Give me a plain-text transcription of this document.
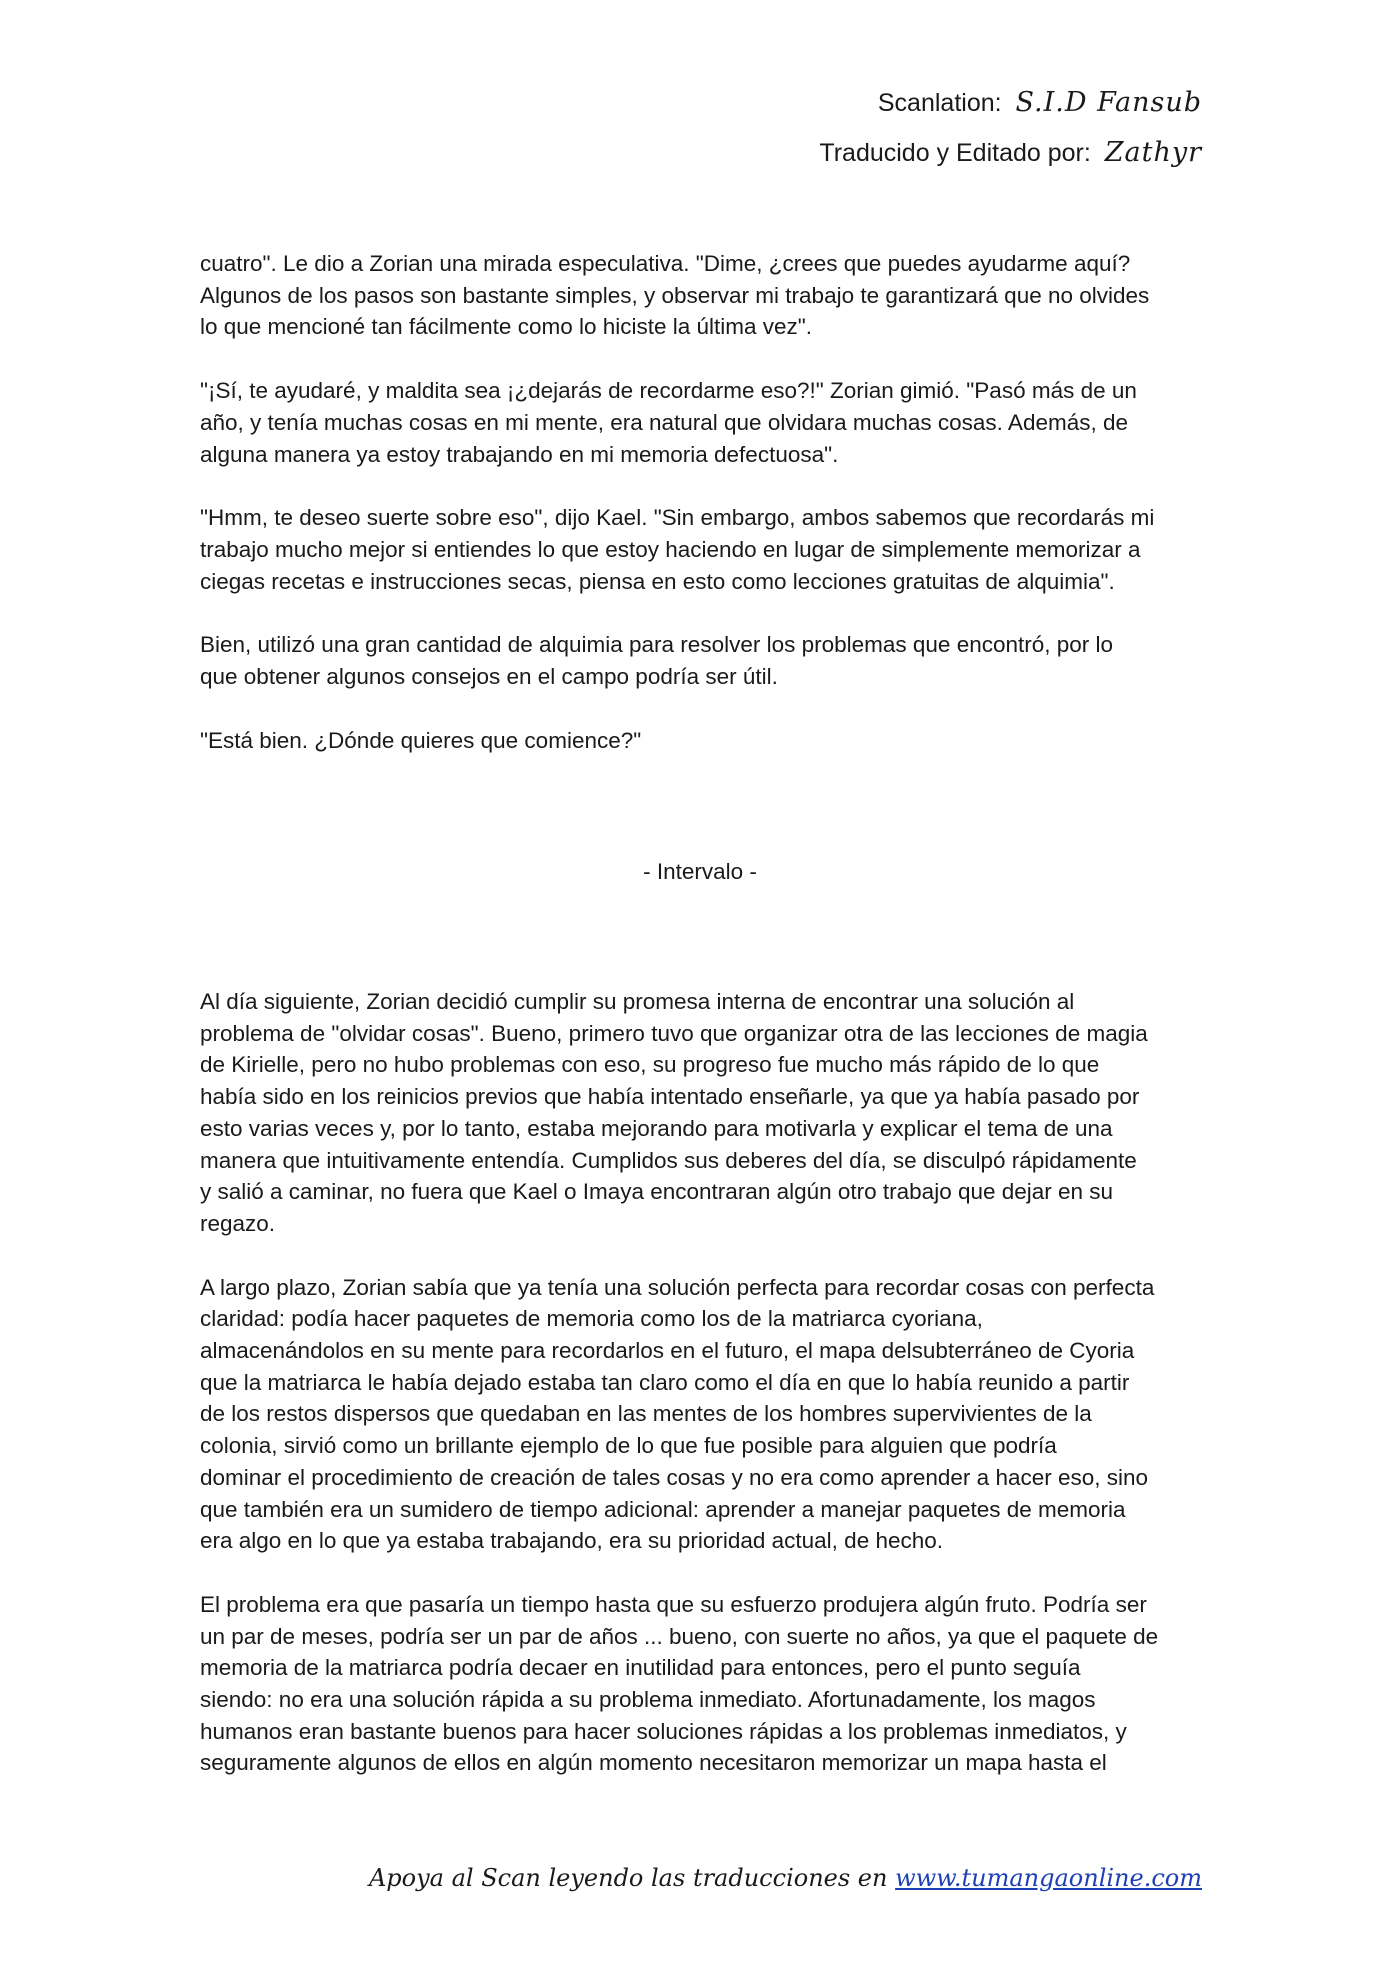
Scanlation: S.I.D Fansub
Traducido y Editado por: Zathyr

cuatro". Le dio a Zorian una mirada especulativa. "Dime, ¿crees que puedes ayudarme aquí?
Algunos de los pasos son bastante simples, y observar mi trabajo te garantizará que no olvides
lo que mencioné tan fácilmente como lo hiciste la última vez".

"¡Sí, te ayudaré, y maldita sea ¡¿dejarás de recordarme eso?!" Zorian gimió. "Pasó más de un
año, y tenía muchas cosas en mi mente, era natural que olvidara muchas cosas. Además, de
alguna manera ya estoy trabajando en mi memoria defectuosa".

"Hmm, te deseo suerte sobre eso", dijo Kael. "Sin embargo, ambos sabemos que recordarás mi
trabajo mucho mejor si entiendes lo que estoy haciendo en lugar de simplemente memorizar a
ciegas recetas e instrucciones secas, piensa en esto como lecciones gratuitas de alquimia".

Bien, utilizó una gran cantidad de alquimia para resolver los problemas que encontró, por lo
que obtener algunos consejos en el campo podría ser útil.

"Está bien. ¿Dónde quieres que comience?"

- Intervalo -

Al día siguiente, Zorian decidió cumplir su promesa interna de encontrar una solución al
problema de "olvidar cosas". Bueno, primero tuvo que organizar otra de las lecciones de magia
de Kirielle, pero no hubo problemas con eso, su progreso fue mucho más rápido de lo que
había sido en los reinicios previos que había intentado enseñarle, ya que ya había pasado por
esto varias veces y, por lo tanto, estaba mejorando para motivarla y explicar el tema de una
manera que intuitivamente entendía. Cumplidos sus deberes del día, se disculpó rápidamente
y salió a caminar, no fuera que Kael o Imaya encontraran algún otro trabajo que dejar en su
regazo.

A largo plazo, Zorian sabía que ya tenía una solución perfecta para recordar cosas con perfecta
claridad: podía hacer paquetes de memoria como los de la matriarca cyoriana,
almacenándolos en su mente para recordarlos en el futuro, el mapa delsubterráneo de Cyoria
que la matriarca le había dejado estaba tan claro como el día en que lo había reunido a partir
de los restos dispersos que quedaban en las mentes de los hombres supervivientes de la
colonia, sirvió como un brillante ejemplo de lo que fue posible para alguien que podría
dominar el procedimiento de creación de tales cosas y no era como aprender a hacer eso, sino
que también era un sumidero de tiempo adicional: aprender a manejar paquetes de memoria
era algo en lo que ya estaba trabajando, era su prioridad actual, de hecho.

El problema era que pasaría un tiempo hasta que su esfuerzo produjera algún fruto. Podría ser
un par de meses, podría ser un par de años ... bueno, con suerte no años, ya que el paquete de
memoria de la matriarca podría decaer en inutilidad para entonces, pero el punto seguía
siendo: no era una solución rápida a su problema inmediato. Afortunadamente, los magos
humanos eran bastante buenos para hacer soluciones rápidas a los problemas inmediatos, y
seguramente algunos de ellos en algún momento necesitaron memorizar un mapa hasta el

Apoya al Scan leyendo las traducciones en www.tumangaonline.com
